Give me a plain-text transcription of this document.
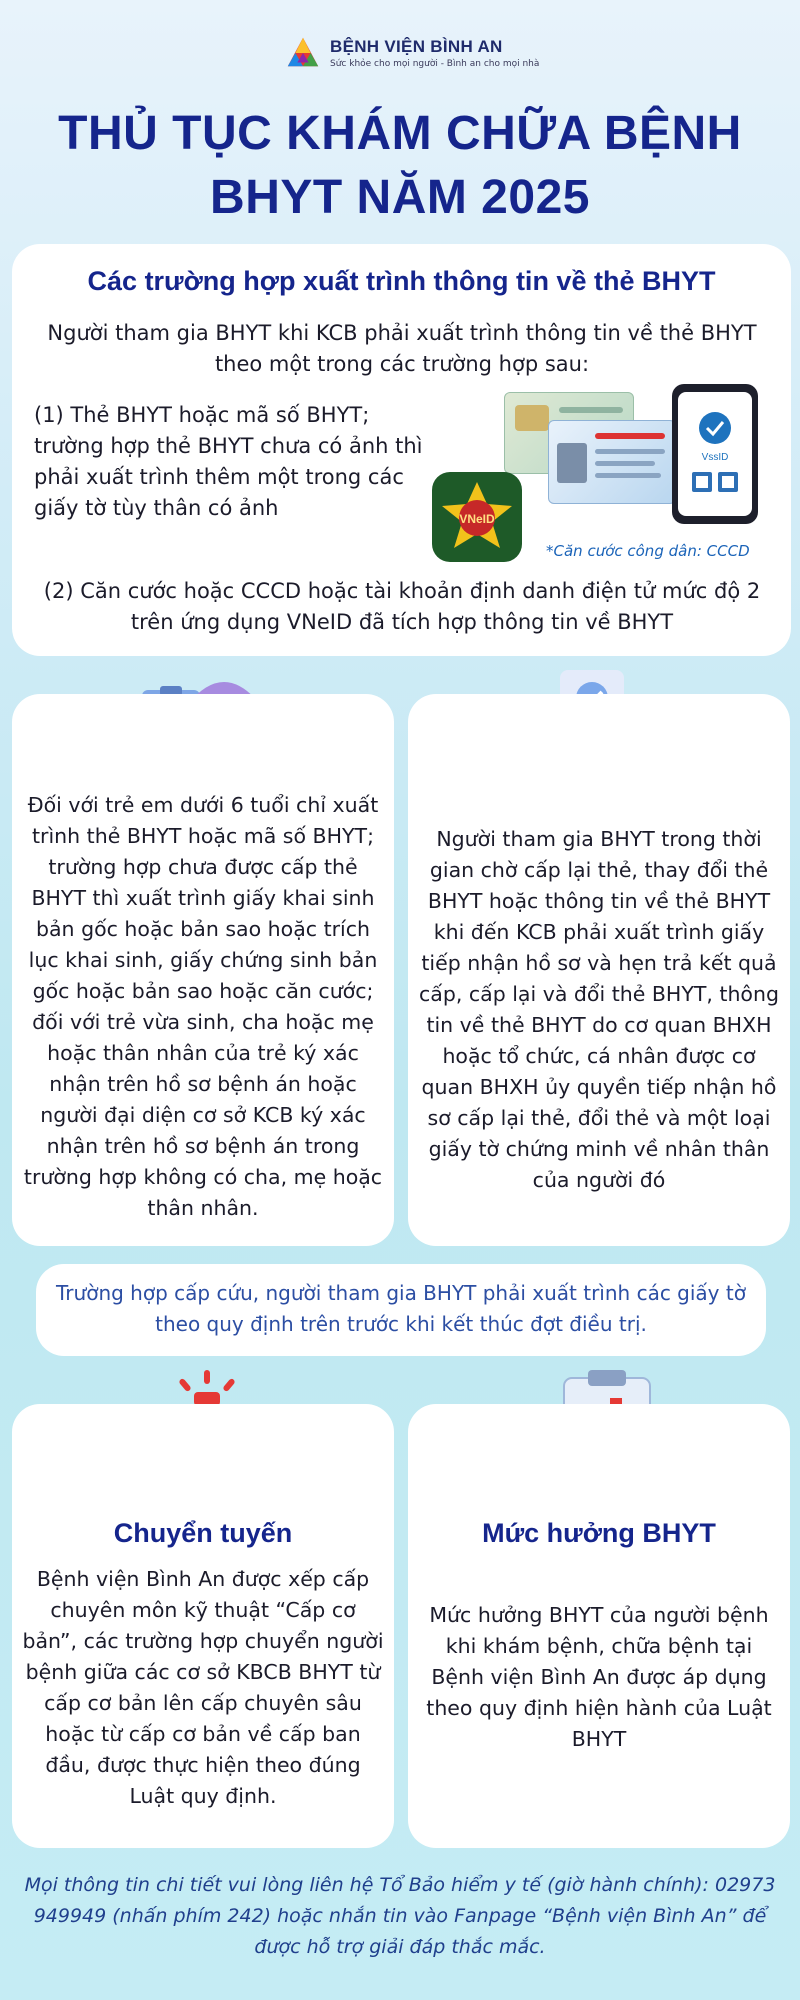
BỆNH VIỆN BÌNH AN
Sức khỏe cho mọi người - Bình an cho mọi nhà
THỦ TỤC KHÁM CHỮA BỆNH
BHYT NĂM 2025
Các trường hợp xuất trình thông tin về thẻ BHYT
Người tham gia BHYT khi KCB phải xuất trình thông tin về thẻ BHYT theo một trong các trường hợp sau:
(1) Thẻ BHYT hoặc mã số BHYT; trường hợp thẻ BHYT chưa có ảnh thì phải xuất trình thêm một trong các giấy tờ tùy thân có ảnh
VssID
VNeID
*Căn cước công dân: CCCD
(2) Căn cước hoặc CCCD hoặc tài khoản định danh điện tử mức độ 2 trên ứng dụng VNeID đã tích hợp thông tin về BHYT
Đối với trẻ em dưới 6 tuổi chỉ xuất trình thẻ BHYT hoặc mã số BHYT; trường hợp chưa được cấp thẻ BHYT thì xuất trình giấy khai sinh bản gốc hoặc bản sao hoặc trích lục khai sinh, giấy chứng sinh bản gốc hoặc bản sao hoặc căn cước; đối với trẻ vừa sinh, cha hoặc mẹ hoặc thân nhân của trẻ ký xác nhận trên hồ sơ bệnh án hoặc người đại diện cơ sở KCB ký xác nhận trên hồ sơ bệnh án trong trường hợp không có cha, mẹ hoặc thân nhân.
Người tham gia BHYT trong thời gian chờ cấp lại thẻ, thay đổi thẻ BHYT hoặc thông tin về thẻ BHYT khi đến KCB phải xuất trình giấy tiếp nhận hồ sơ và hẹn trả kết quả cấp, cấp lại và đổi thẻ BHYT, thông tin về thẻ BHYT do cơ quan BHXH hoặc tổ chức, cá nhân được cơ quan BHXH ủy quyền tiếp nhận hồ sơ cấp lại thẻ, đổi thẻ và một loại giấy tờ chứng minh về nhân thân của người đó
Trường hợp cấp cứu, người tham gia BHYT phải xuất trình các giấy tờ theo quy định trên trước khi kết thúc đợt điều trị.
Chuyển tuyến
Bệnh viện Bình An được xếp cấp chuyên môn kỹ thuật “Cấp cơ bản”, các trường hợp chuyển người bệnh giữa các cơ sở KBCB BHYT từ cấp cơ bản lên cấp chuyên sâu hoặc từ cấp cơ bản về cấp ban đầu, được thực hiện theo đúng Luật quy định.
Mức hưởng BHYT
Mức hưởng BHYT của người bệnh khi khám bệnh, chữa bệnh tại Bệnh viện Bình An được áp dụng theo quy định hiện hành của Luật BHYT
Mọi thông tin chi tiết vui lòng liên hệ Tổ Bảo hiểm y tế (giờ hành chính): 02973 949949 (nhấn phím 242) hoặc nhắn tin vào Fanpage “Bệnh viện Bình An” để được hỗ trợ giải đáp thắc mắc.
